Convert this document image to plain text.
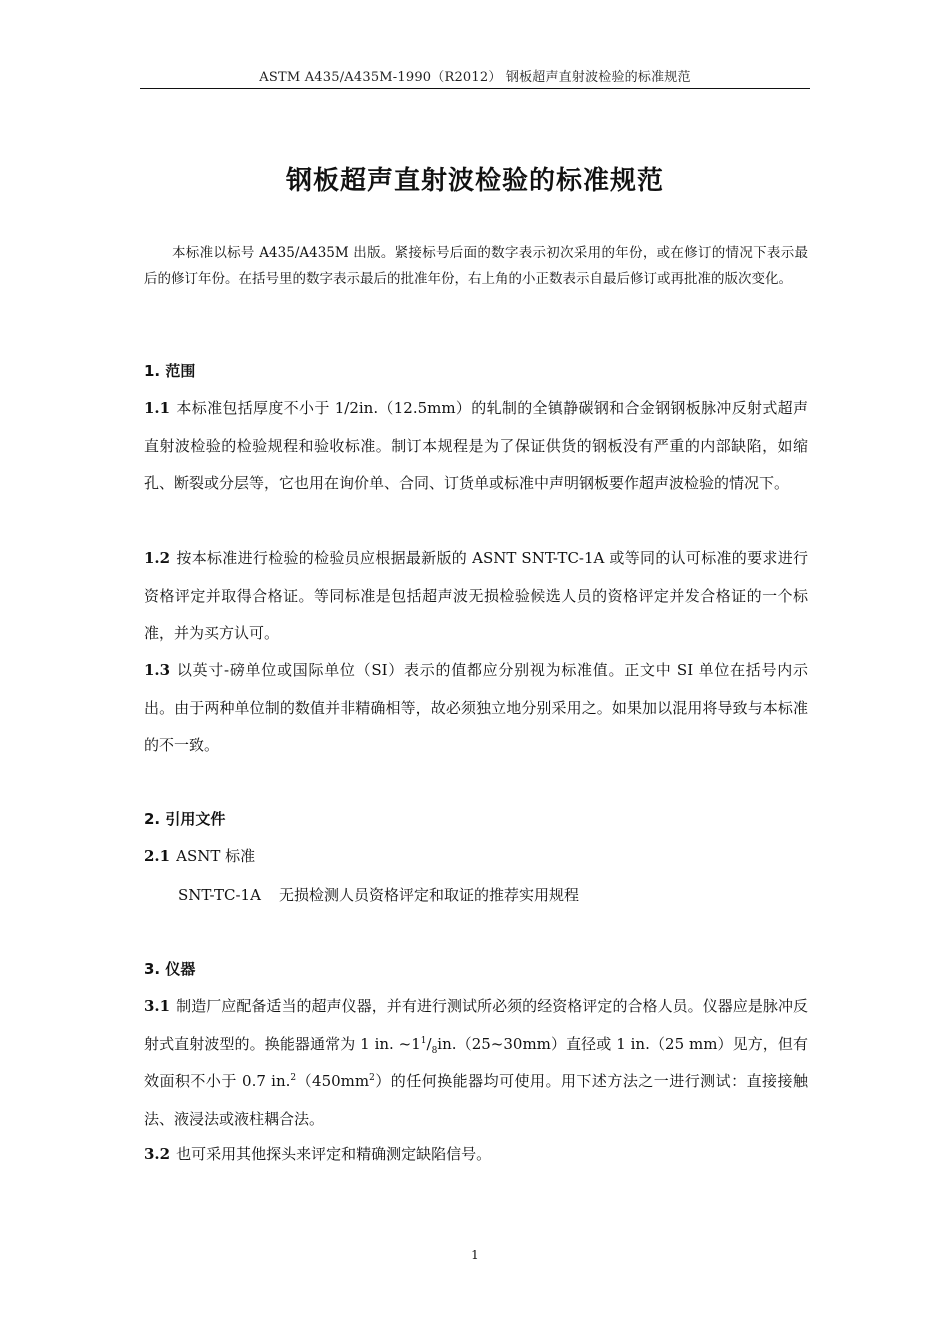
ASTM A435/A435M-1990（R2012） 钢板超声直射波检验的标准规范
钢板超声直射波检验的标准规范

本标准以标号 A435/A435M 出版。紧接标号后面的数字表示初次采用的年份，或在修订的情况下表示最后的修订年份。在括号里的数字表示最后的批准年份，右上角的小正数表示自最后修订或再批准的版次变化。

1. 范围

1.1 本标准包括厚度不小于 1/2in.（12.5mm）的轧制的全镇静碳钢和合金钢钢板脉冲反射式超声直射波检验的检验规程和验收标准。制订本规程是为了保证供货的钢板没有严重的内部缺陷，如缩孔、断裂或分层等，它也用在询价单、合同、订货单或标准中声明钢板要作超声波检验的情况下。

1.2 按本标准进行检验的检验员应根据最新版的 ASNT SNT-TC-1A 或等同的认可标准的要求进行资格评定并取得合格证。等同标准是包括超声波无损检验候选人员的资格评定并发合格证的一个标准，并为买方认可。

1.3 以英寸-磅单位或国际单位（SI）表示的值都应分别视为标准值。正文中 SI 单位在括号内示出。由于两种单位制的数值并非精确相等，故必须独立地分别采用之。如果加以混用将导致与本标准的不一致。

2. 引用文件

2.1 ASNT 标准

SNT-TC-1A 无损检测人员资格评定和取证的推荐实用规程

3. 仪器

3.1 制造厂应配备适当的超声仪器，并有进行测试所必须的经资格评定的合格人员。仪器应是脉冲反射式直射波型的。换能器通常为 1 in. $\sim 1^1/_8in.(25\sim 30mm)$直径或 1 in.（25 mm）见方，但有效面积不小于 0.7 $in.^2(450mm^2)$的任何换能器均可使用。用下述方法之一进行测试：直接接触法、液浸法或液柱耦合法。

3.2 也可采用其他探头来评定和精确测定缺陷信号。

1
